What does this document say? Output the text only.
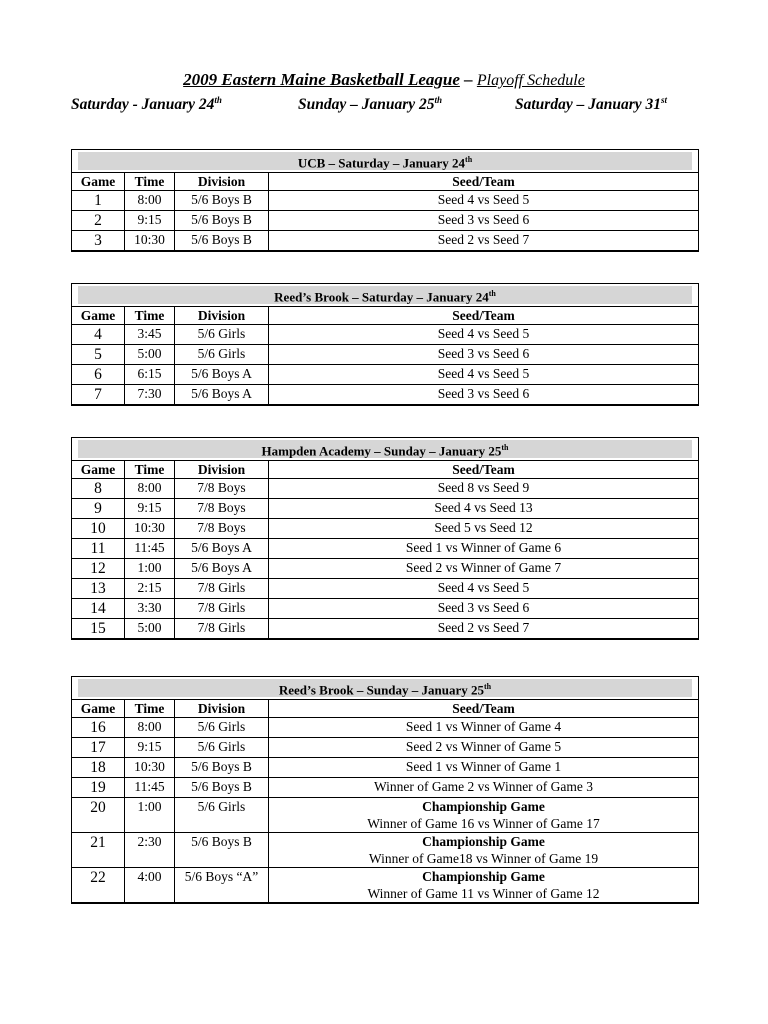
2009 Eastern Maine Basketball League – Playoff Schedule
Saturday - January 24th	Sunday – January 25th	Saturday – January 31st
UCB – Saturday – January 24th

Game	Time	Division	Seed/Team
1	8:00	5/6 Boys B	Seed 4 vs Seed 5
2	9:15	5/6 Boys B	Seed 3 vs Seed 6
3	10:30	5/6 Boys B	Seed 2 vs Seed 7
Reed’s Brook – Saturday – January 24th

Game	Time	Division	Seed/Team
4	3:45	5/6 Girls	Seed 4 vs Seed 5
5	5:00	5/6 Girls	Seed 3 vs Seed 6
6	6:15	5/6 Boys A	Seed 4 vs Seed 5
7	7:30	5/6 Boys A	Seed 3 vs Seed 6
Hampden Academy – Sunday – January 25th

Game	Time	Division	Seed/Team
8	8:00	7/8 Boys	Seed 8 vs Seed 9
9	9:15	7/8 Boys	Seed 4 vs Seed 13
10	10:30	7/8 Boys	Seed 5 vs Seed 12
11	11:45	5/6 Boys A	Seed 1 vs Winner of Game 6
12	1:00	5/6 Boys A	Seed 2 vs Winner of Game 7
13	2:15	7/8 Girls	Seed 4 vs Seed 5
14	3:30	7/8 Girls	Seed 3 vs Seed 6
15	5:00	7/8 Girls	Seed 2 vs Seed 7
Reed’s Brook – Sunday – January 25th

Game	Time	Division	Seed/Team
16	8:00	5/6 Girls	Seed 1 vs Winner of Game 4
17	9:15	5/6 Girls	Seed 2 vs Winner of Game 5
18	10:30	5/6 Boys B	Seed 1 vs Winner of Game 1
19	11:45	5/6 Boys B	Winner of Game 2 vs Winner of Game 3
20	1:00	5/6 Girls	Championship Game
Winner of Game 16 vs Winner of Game 17

21	2:30	5/6 Boys B	Championship Game
Winner of Game18 vs Winner of Game 19

22	4:00	5/6 Boys “A”	Championship Game
Winner of Game 11 vs Winner of Game 12
